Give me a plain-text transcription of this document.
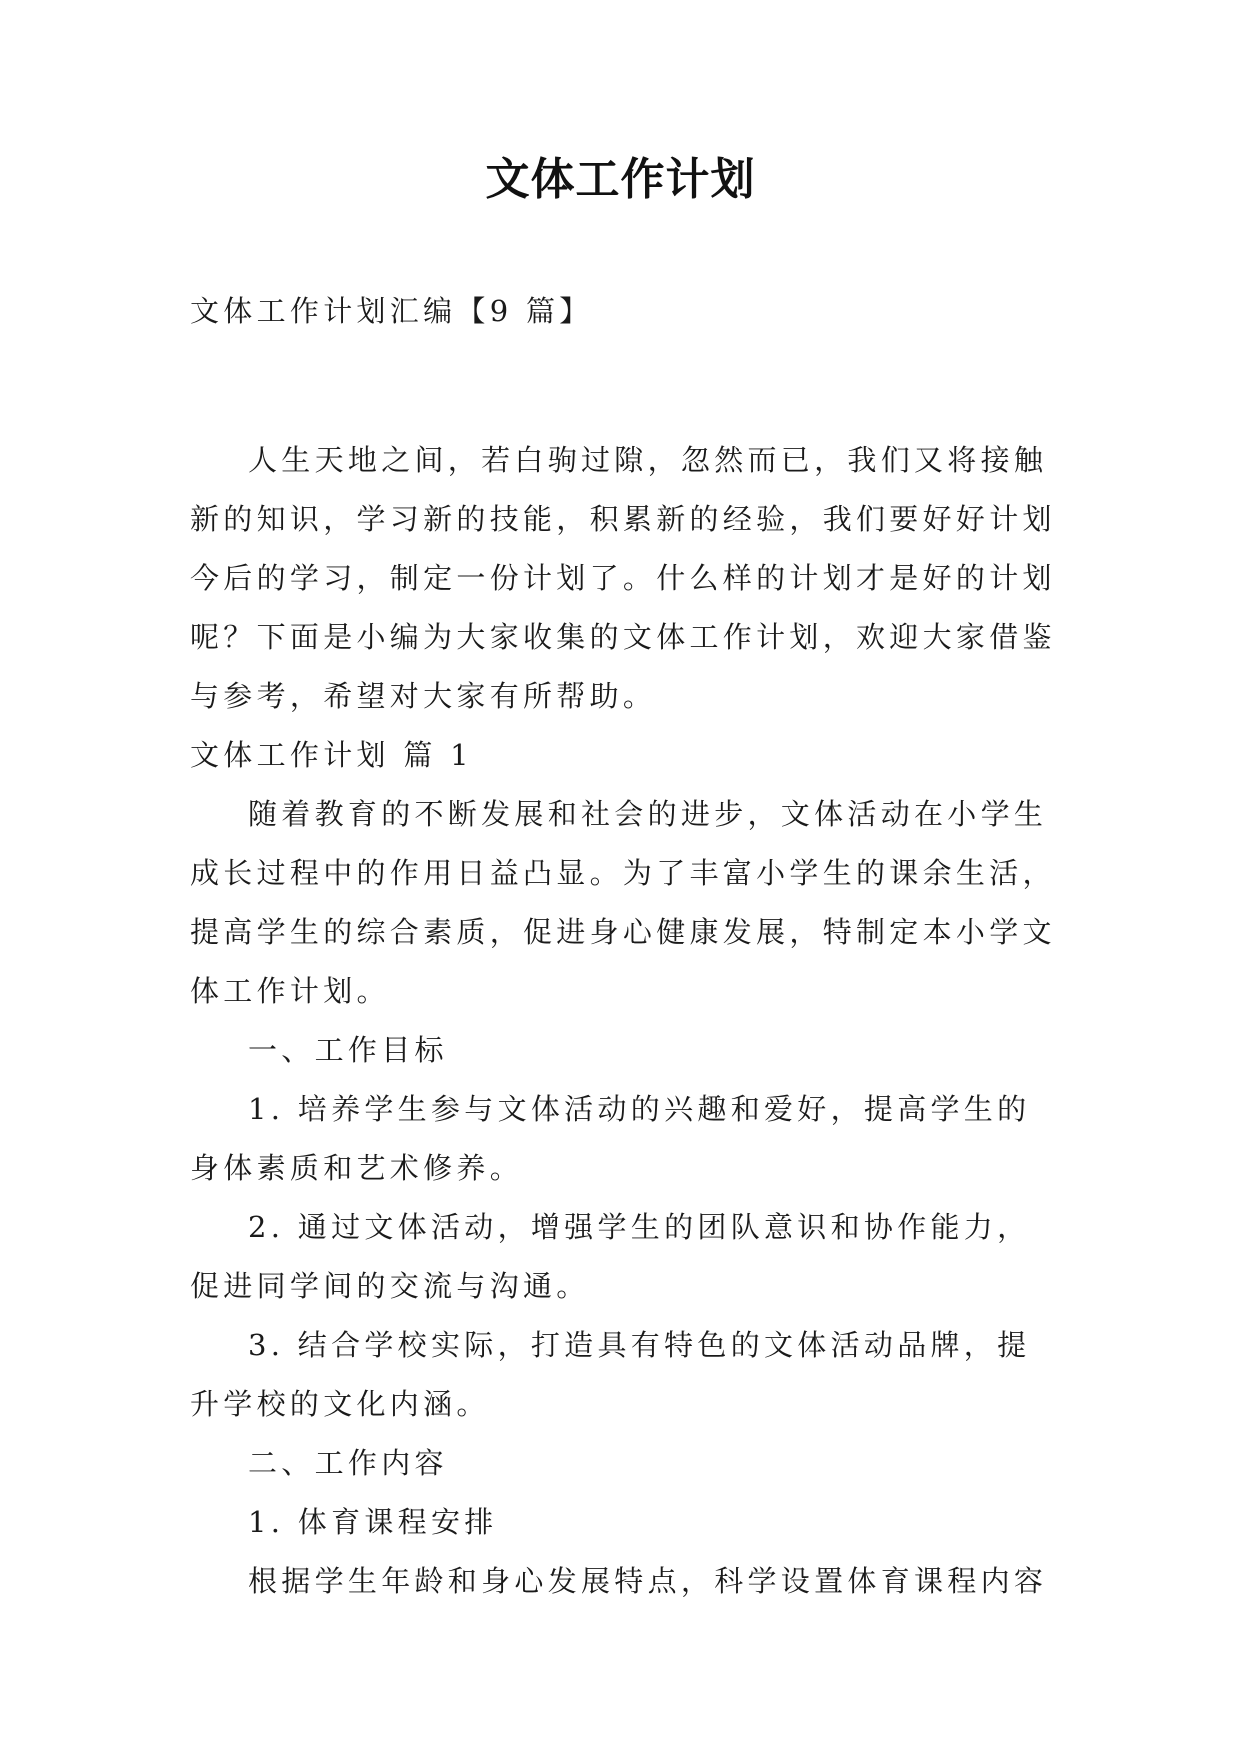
文体工作计划

文体工作计划汇编【9 篇】

人生天地之间，若白驹过隙，忽然而已，我们又将接触新的知识，学习新的技能，积累新的经验，我们要好好计划今后的学习，制定一份计划了。什么样的计划才是好的计划呢？下面是小编为大家收集的文体工作计划，欢迎大家借鉴与参考，希望对大家有所帮助。

文体工作计划 篇 1

随着教育的不断发展和社会的进步，文体活动在小学生成长过程中的作用日益凸显。为了丰富小学生的课余生活，提高学生的综合素质，促进身心健康发展，特制定本小学文体工作计划。

一、工作目标

1. 培养学生参与文体活动的兴趣和爱好，提高学生的身体素质和艺术修养。

2. 通过文体活动，增强学生的团队意识和协作能力，促进同学间的交流与沟通。

3. 结合学校实际，打造具有特色的文体活动品牌，提升学校的文化内涵。

二、工作内容

1. 体育课程安排

根据学生年龄和身心发展特点，科学设置体育课程内容
